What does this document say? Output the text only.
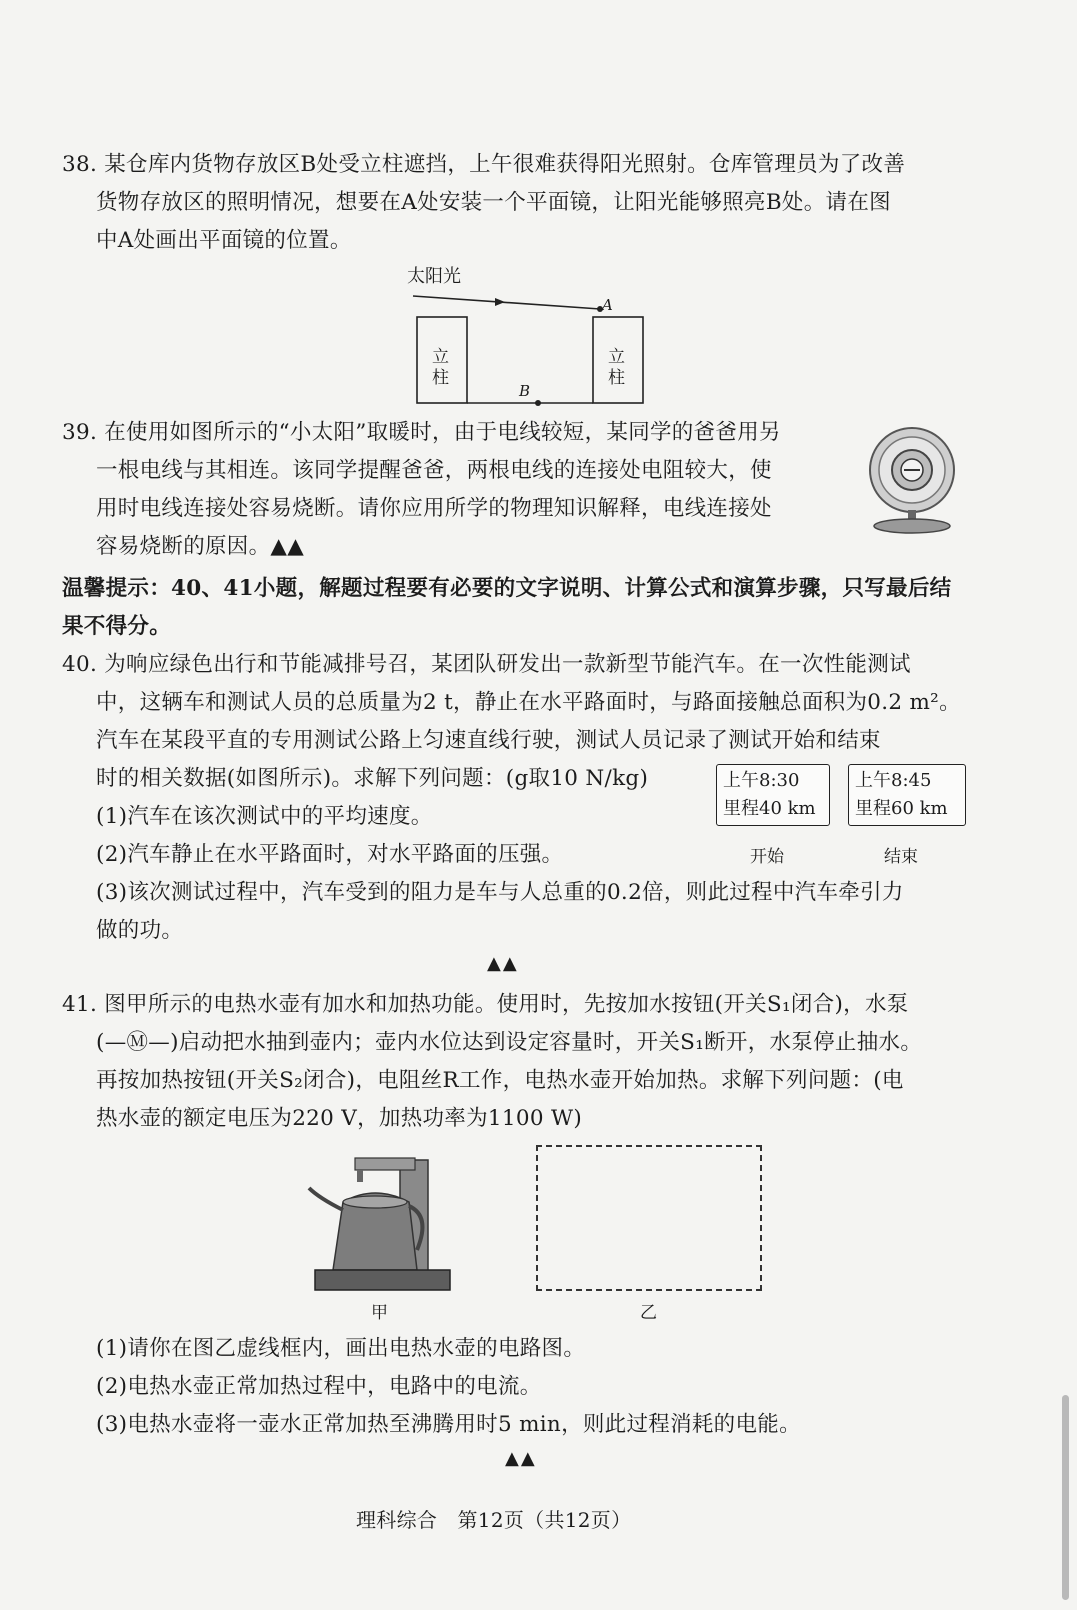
38. 某仓库内货物存放区B处受立柱遮挡，上午很难获得阳光照射。仓库管理员为了改善
货物存放区的照明情况，想要在A处安装一个平面镜，让阳光能够照亮B处。请在图
中A处画出平面镜的位置。
太阳光
A
B
立
柱
立
柱
39. 在使用如图所示的“小太阳”取暖时，由于电线较短，某同学的爸爸用另
一根电线与其相连。该同学提醒爸爸，两根电线的连接处电阻较大，使
用时电线连接处容易烧断。请你应用所学的物理知识解释，电线连接处
容易烧断的原因。▲▲
温馨提示：40、41小题，解题过程要有必要的文字说明、计算公式和演算步骤，只写最后结
果不得分。
40. 为响应绿色出行和节能减排号召，某团队研发出一款新型节能汽车。在一次性能测试
中，这辆车和测试人员的总质量为2 t，静止在水平路面时，与路面接触总面积为0.2 m²。
汽车在某段平直的专用测试公路上匀速直线行驶，测试人员记录了测试开始和结束
时的相关数据(如图所示)。求解下列问题：(g取10 N/kg)
(1)汽车在该次测试中的平均速度。
(2)汽车静止在水平路面时，对水平路面的压强。
(3)该次测试过程中，汽车受到的阻力是车与人总重的0.2倍，则此过程中汽车牵引力
做的功。
上午8:30
里程40 km
上午8:45
里程60 km
开始	结束
▲▲
41. 图甲所示的电热水壶有加水和加热功能。使用时，先按加水按钮(开关S₁闭合)，水泵
(—Ⓜ—)启动把水抽到壶内；壶内水位达到设定容量时，开关S₁断开，水泵停止抽水。
再按加热按钮(开关S₂闭合)，电阻丝R工作，电热水壶开始加热。求解下列问题：(电
热水壶的额定电压为220 V，加热功率为1100 W)
甲	乙
(1)请你在图乙虚线框内，画出电热水壶的电路图。
(2)电热水壶正常加热过程中，电路中的电流。
(3)电热水壶将一壶水正常加热至沸腾用时5 min，则此过程消耗的电能。
▲▲
理科综合　第12页（共12页）
